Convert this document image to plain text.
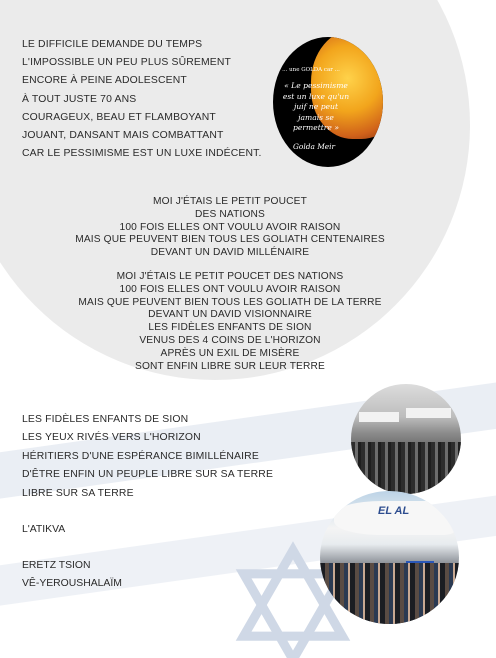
LE DIFFICILE DEMANDE DU TEMPS
L'IMPOSSIBLE UN PEU PLUS SÛREMENT
ENCORE À PEINE ADOLESCENT
À TOUT JUSTE 70 ANS
COURAGEUX, BEAU ET FLAMBOYANT
JOUANT, DANSANT MAIS COMBATTANT
CAR LE PESSIMISME EST UN LUXE INDÉCENT.
... une GOLDA car ...
« Le pessimisme est un luxe qu'un juif ne peut jamais se permettre »
Golda Meir
MOI J'ÉTAIS LE PETIT POUCET
DES NATIONS
100 FOIS ELLES ONT VOULU AVOIR RAISON
MAIS QUE PEUVENT BIEN TOUS LES GOLIATH CENTENAIRES
DEVANT UN DAVID MILLÉNAIRE
MOI J'ÉTAIS LE PETIT POUCET DES NATIONS
100 FOIS ELLES ONT VOULU AVOIR RAISON
MAIS QUE PEUVENT BIEN TOUS LES GOLIATH DE LA TERRE
DEVANT UN DAVID VISIONNAIRE
LES FIDÈLES ENFANTS DE SION
VENUS DES 4 COINS DE L'HORIZON
APRÈS UN EXIL DE MISÈRE
SONT ENFIN LIBRE SUR LEUR TERRE
LES FIDÈLES ENFANTS DE SION
LES YEUX RIVÉS VERS L'HORIZON
HÉRITIERS D'UNE ESPÉRANCE BIMILLÉNAIRE
D'ÊTRE ENFIN UN PEUPLE LIBRE SUR SA TERRE
LIBRE SUR SA TERRE
L'ATIKVA
ERETZ TSION
VÊ-YEROUSHALAÏM
EL AL
